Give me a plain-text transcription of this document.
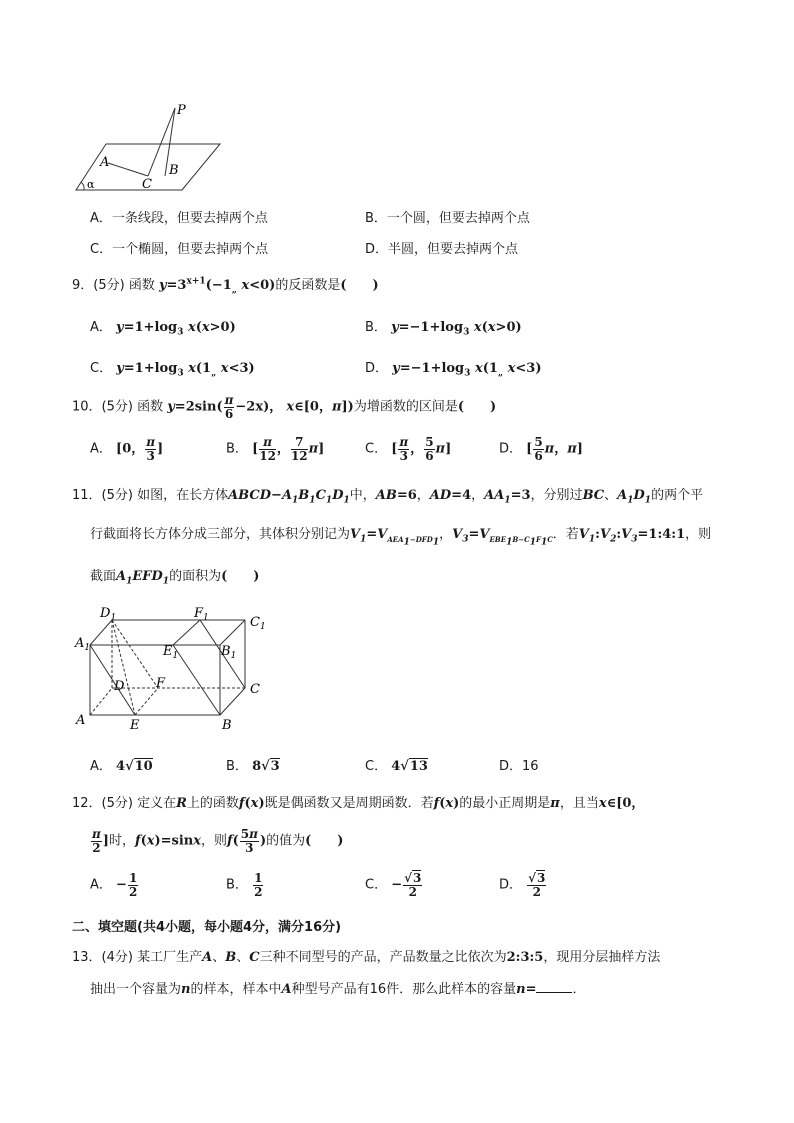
P
A
B
C
α
A．一条线段，但要去掉两个点	B．一个圆，但要去掉两个点
C．一个椭圆，但要去掉两个点	D．半圆，但要去掉两个点
9．(5分) 函数 $y=3^{x+1}(-1_„$ x<0)的反函数是(　　)
A． $y=1+\log_3$ x(x>0)	B． $y=-1+\log_3$ x(x>0)
C． $y=1+\log_3$ $x(1_„$ x<3)	D． $y=-1+\log_3$ $x(1_„$ x<3)
10．(5分) 函数 $y=2\sin( \frac{\pi}{6} -2x)$， x∈[0，π])为增函数的区间是(　　)
A． [0， $\frac{\pi}{3}$ ]	B． [ $\frac{\pi}{12}$ ， $\frac{7}{12} \pi$]	C． [ $\frac{\pi}{3}$ ， $\frac{5}{6} \pi$]	D． [ $\frac{5}{6}$ π，π]
11．(5分) 如图，在长方体$ABCD-A_1B_1C_1D_1$中，AB=6，AD=4，$AA_1=3$，分别过BC、$A_1D_1$的两个平
行截面将长方体分成三部分，其体积分别记为$V_1=V_{AEA_1-DFD_1}$，$V_3=V_{EBE_1B-C_1F_1C}$．若$V_1:V_2:V_3=1:4:1$，则
截面$A_1EFD_1$的面积为(　　)
$D_1$	$F_1$	$C_1$
$A_1$	$E_1$	$B_1$
D F	C
A	E	B
A． 4√10	B． 8√3	C． 4√13	D．16
12．(5分) 定义在R上的函数f(x)既是偶函数又是周期函数．若f(x)的最小正周期是π，且当x∈[0，
$\frac{\pi}{2}$ ]时，f(x)=sinx，则$f( \frac{5\pi}{3}$ )的值为(　　)
A． − $\frac{1}{2}$	B． $\frac{1}{2}$	C． − $\frac{√3}{2}$	D． $\frac{√3}{2}$
二、填空题(共4小题，每小题4分，满分16分)
13．(4分) 某工厂生产A、B、C三种不同型号的产品，产品数量之比依次为2:3:5，现用分层抽样方法
抽出一个容量为n的样本，样本中A种型号产品有16件．那么此样本的容量n=	．
